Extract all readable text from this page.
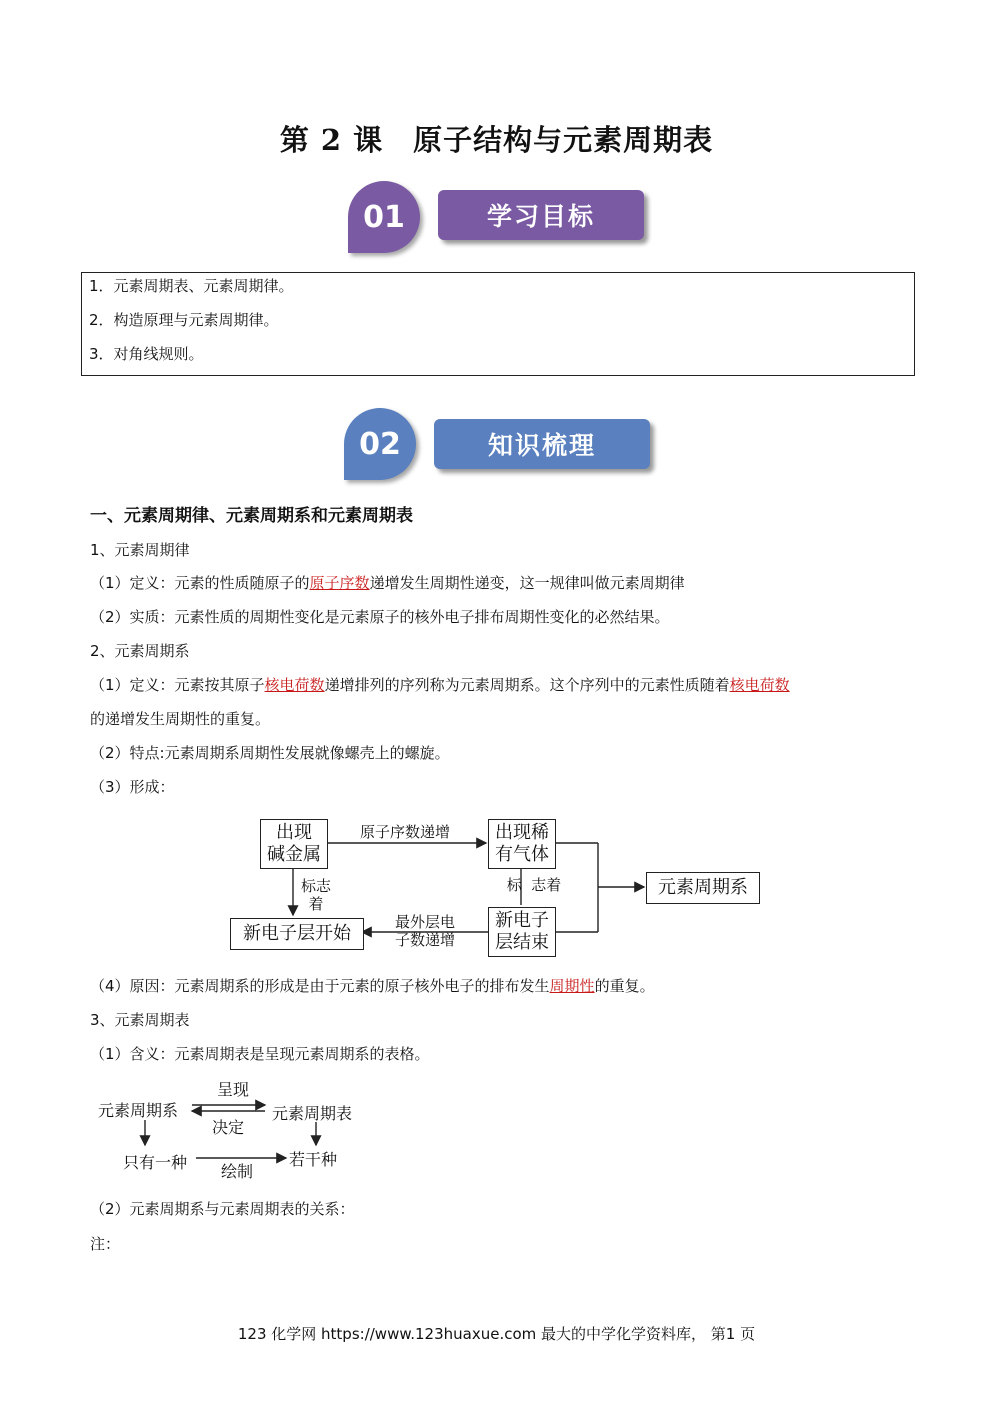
第 2 课　原子结构与元素周期表
01	学习目标
1．元素周期表、元素周期律。
2．构造原理与元素周期律。
3．对角线规则。
02	知识梳理
一、元素周期律、元素周期系和元素周期表
1、元素周期律
（1）定义：元素的性质随原子的原子序数递增发生周期性递变，这一规律叫做元素周期律
（2）实质：元素性质的周期性变化是元素原子的核外电子排布周期性变化的必然结果。
2、元素周期系
（1）定义：元素按其原子核电荷数递增排列的序列称为元素周期系。这个序列中的元素性质随着核电荷数
的递增发生周期性的重复。
（2）特点:元素周期系周期性发展就像螺壳上的螺旋。
（3）形成：
出现
碱金属
出现稀
有气体
新电子层开始
新电子
层结束
元素周期系
原子序数递增
标志
着
标  志着
最外层电
子数递增
（4）原因：元素周期系的形成是由于元素的原子核外电子的排布发生周期性的重复。
3、元素周期表
（1）含义：元素周期表是呈现元素周期系的表格。
元素周期系	元素周期表
呈现
决定
只有一种	若干种
绘制
（2）元素周期系与元素周期表的关系：
注：
123 化学网 https://www.123huaxue.com 最大的中学化学资料库， 第1 页
